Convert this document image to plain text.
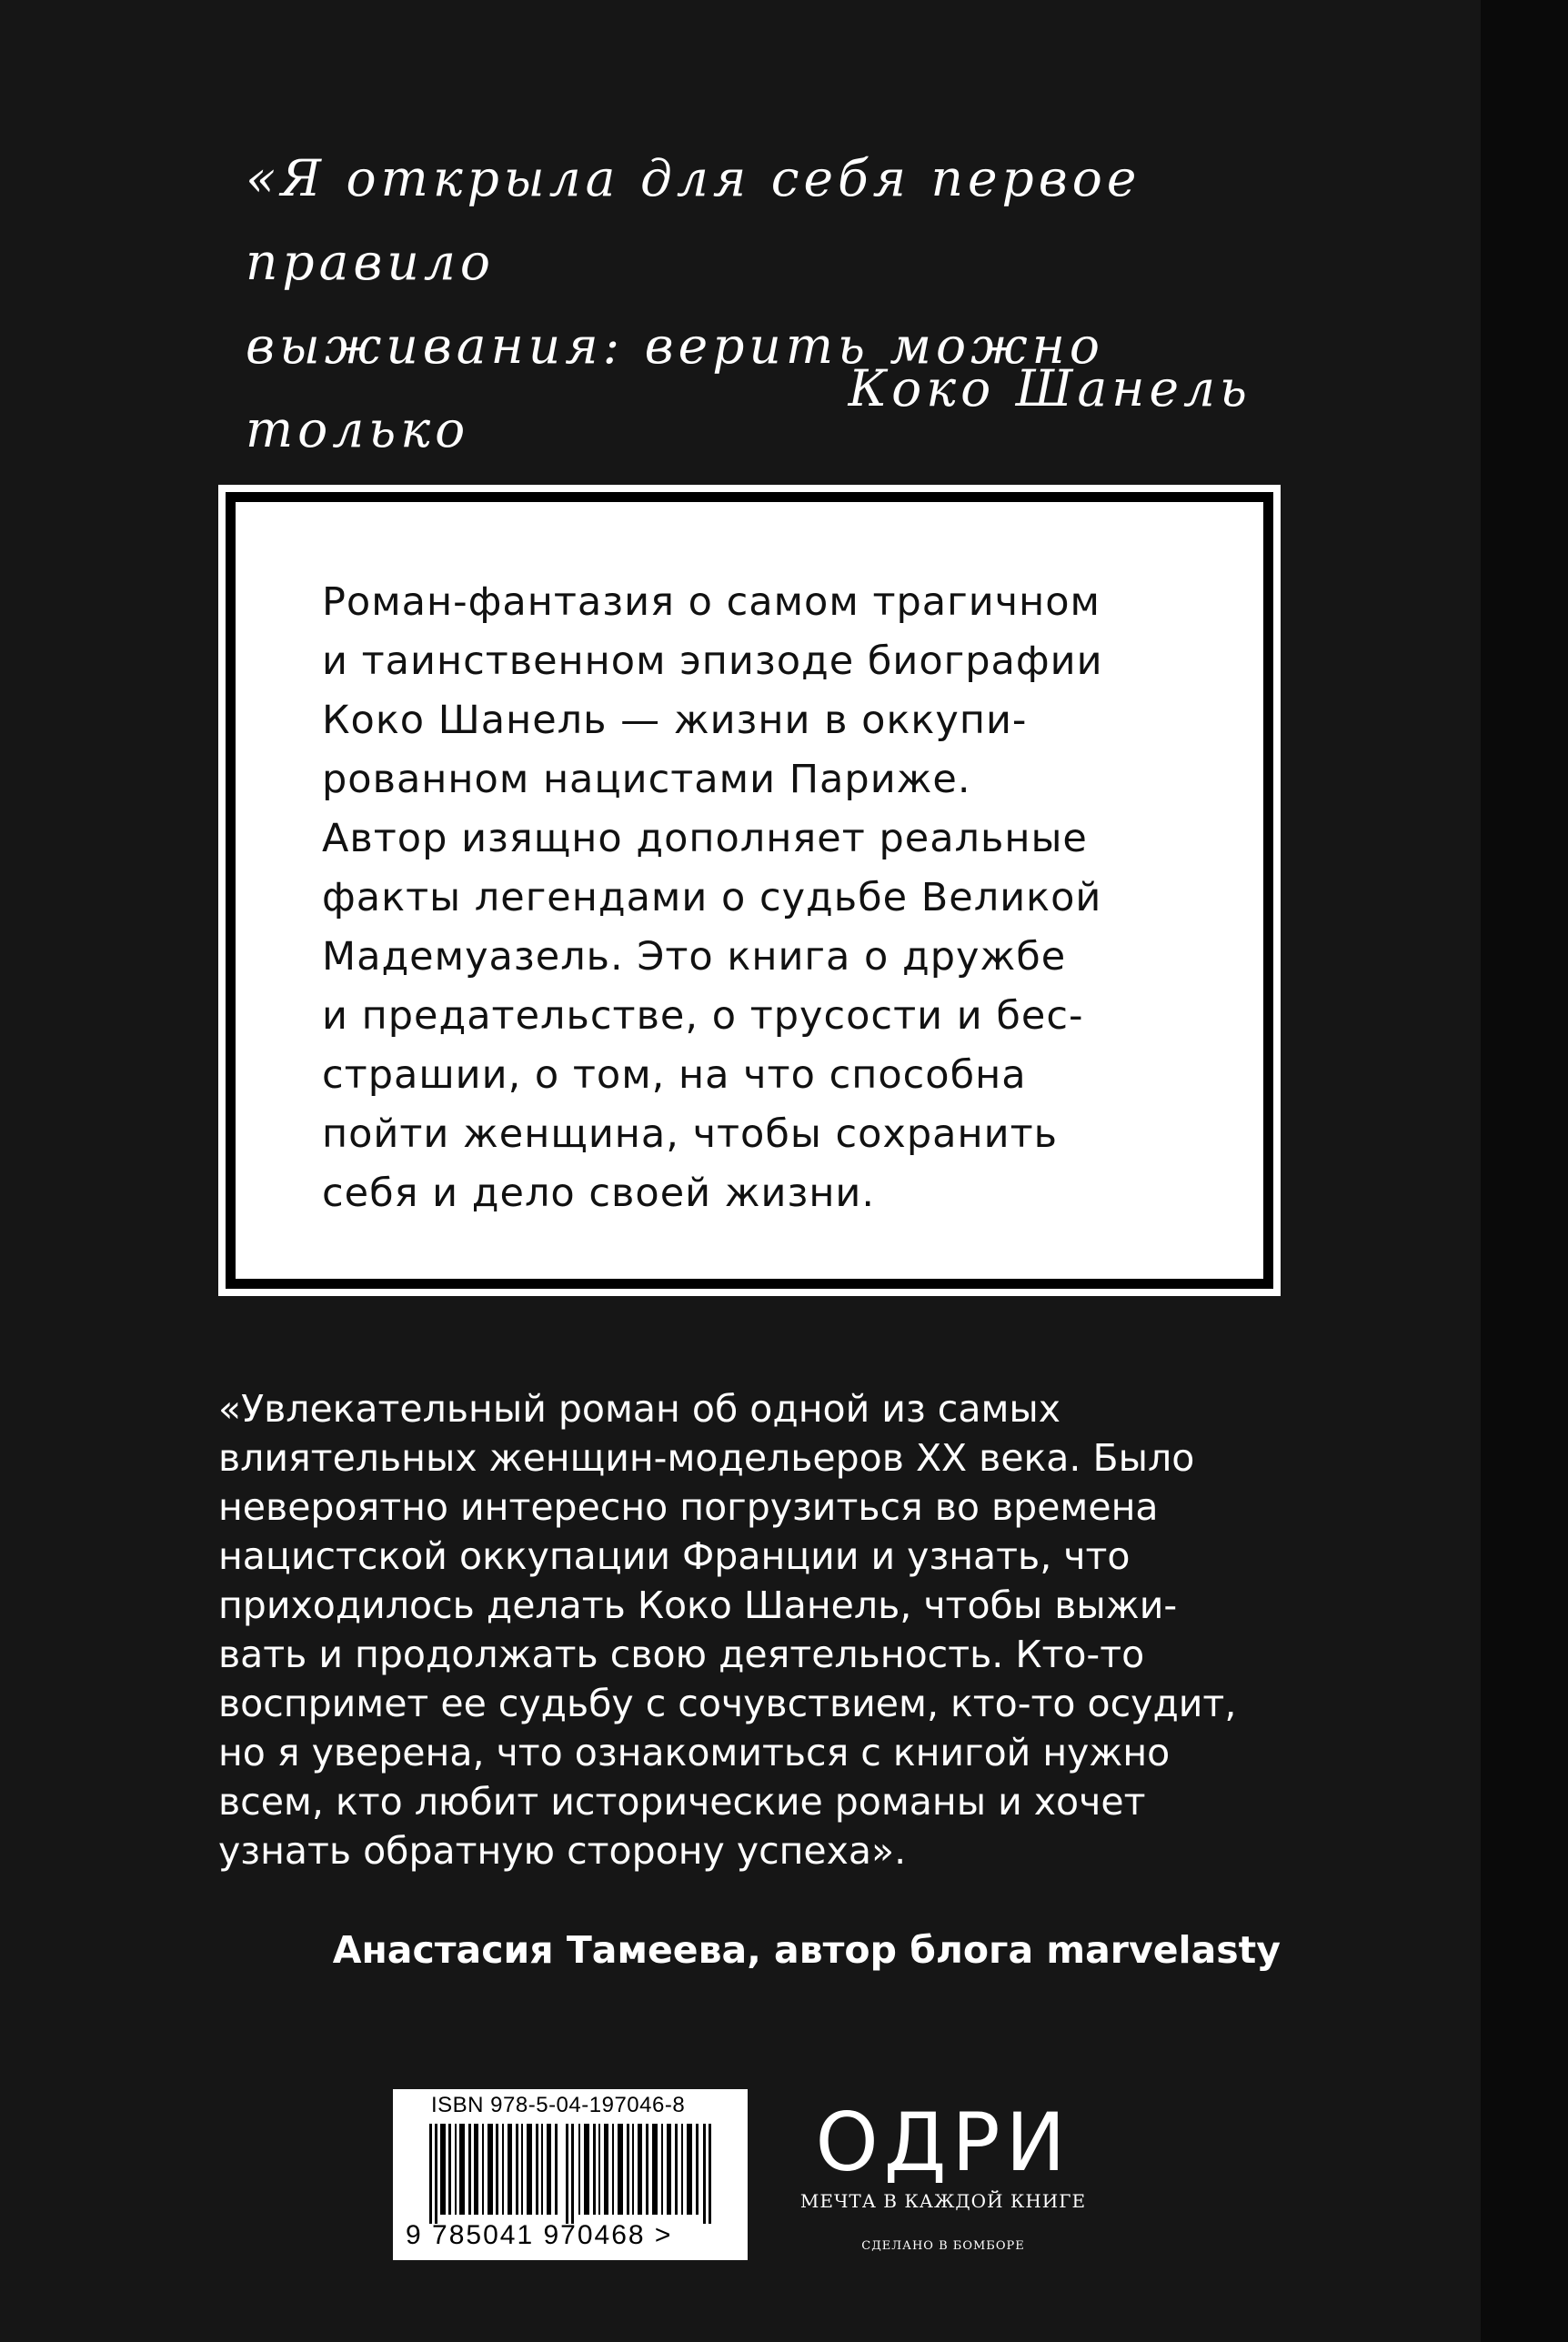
«Я открыла для себя первое правило
выживания: верить можно только

Коко Шанель
Роман-фантазия о самом трагичном
и таинственном эпизоде биографии
Коко Шанель — жизни в оккупи-
рованном нацистами Париже.
Автор изящно дополняет реальные
факты легендами о судьбе Великой
Мадемуазель. Это книга о дружбе
и предательстве, о трусости и бес-
страшии, о том, на что способна
пойти женщина, чтобы сохранить
себя и дело своей жизни.
«Увлекательный роман об одной из самых
влиятельных женщин-модельеров XX века. Было
невероятно интересно погрузиться во времена
нацистской оккупации Франции и узнать, что
приходилось делать Коко Шанель, чтобы выжи-
вать и продолжать свою деятельность. Кто-то
воспримет ее судьбу с сочувствием, кто-то осудит,
но я уверена, что ознакомиться с книгой нужно
всем, кто любит исторические романы и хочет
узнать обратную сторону успеха».
Анастасия Тамеева, автор блога marvelasty
ISBN 978-5-04-197046-8
9 785041 970468 >
ОДРИ
МЕЧТА В КАЖДОЙ КНИГЕ
СДЕЛАНО В БОМБОРЕ
